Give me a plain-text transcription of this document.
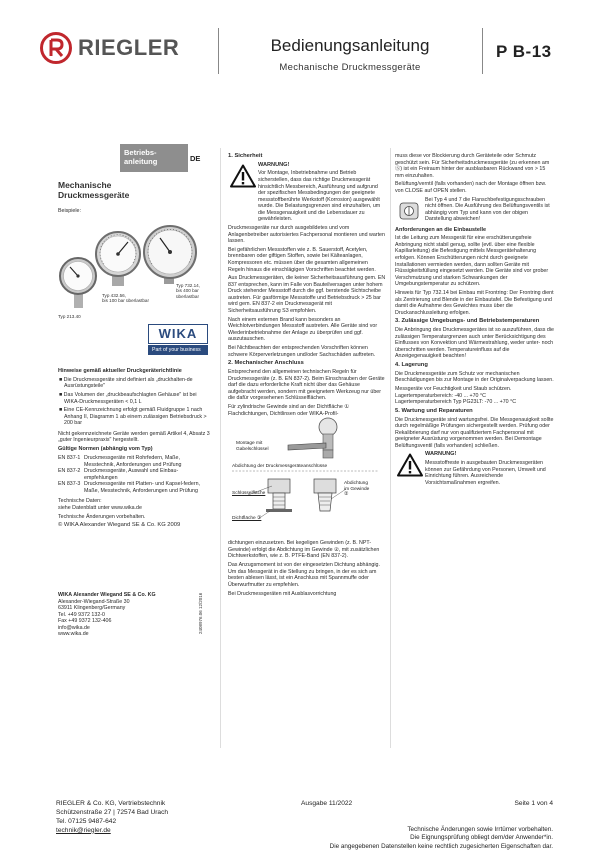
RIEGLER	Bedienungsanleitung
Mechanische Druckmessgeräte
P B-13
Betriebs-
anleitung	DE
Mechanische
Druckmessgeräte
Beispiele:
Typ 732.14,
bis 400 bar überlastbar
Typ 432.56,
bis 100 bar überlastbar
Typ 213.40
WIKA
Part of your business

Hinweise gemäß aktueller Druckgeräterichtlinie

■ Die Druckmessgeräte sind definiert als „druckhalten-de Ausrüstungsteile"

■ Das Volumen der „druckbeaufschlagten Gehäuse" ist bei WIKA-Druckmessgeräten < 0,1 L

■ Eine CE-Kennzeichnung erfolgt gemäß Fluidgruppe 1 nach Anhang II, Diagramm 1 ab einem zulässigen Betriebsdruck > 200 bar

Nicht gekennzeichnete Geräte werden gemäß Artikel 4, Absatz 3 „guter Ingenieurpraxis" hergestellt.

Gültige Normen (abhängig vom Typ)

EN 837-1 Druckmessgeräte mit Rohrfedern, Maße, Messtechnik, Anforderungen und Prüfung
EN 837-2 Druckmessgeräte, Auswahl und Einbau-empfehlungen
EN 837-3 Druckmessgeräte mit Platten- und Kapsel-federn, Maße, Messtechnik, Anforderungen und Prüfung

Technische Daten:
siehe Datenblatt unter www.wika.de

Technische Änderungen vorbehalten.

© WIKA Alexander Wiegand SE & Co. KG 2009

WIKA Alexander Wiegand SE & Co. KG

Alexander-Wiegand-Straße 30

63911 Klingenberg/Germany

Tel. +49 9372 132-0

Fax +49 9372 132-406

info@wika.de

www.wika.de

2408976.06 12/2016

1. Sicherheit

WARNUNG!

Vor Montage, Inbetriebnahme und Betrieb sicherstellen, dass das richtige Druckmessgerät hinsichtlich Messbereich, Ausführung und aufgrund der spezifischen Messbedingungen der geeignete messstoffberührte Werkstoff (Korrosion) ausgewählt wurde. Die Belastungsgrenzen sind einzuhalten, um die Messgenauigkeit und die Lebensdauer zu gewährleisten.

Druckmessgeräte nur durch ausgebildetes und vom Anlagenbetreiber autorisiertes Fachpersonal montieren und warten lassen.

Bei gefährlichen Messstoffen wie z. B. Sauerstoff, Acetylen, brennbaren oder giftigen Stoffen, sowie bei Kälteanlagen, Kompressoren etc. müssen über die gesamten allgemeinen Regeln hinaus die einschlägigen Vorschriften beachtet werden.

Aus Druckmessgeräten, die keiner Sicherheitsausführung gem. EN 837 entsprechen, kann im Falle von Bauteilversagen unter hohem Druck stehender Messstoff durch die ggf. berstende Sichtscheibe austreten. Für gasförmige Messstoffe und Betriebsdruck > 25 bar wird gem. EN 837-2 ein Druckmessgerät mit Sicherheitsausführung S3 empfohlen.

Nach einem externen Brand kann besonders an Weichlotverbindungen Messstoff austreten. Alle Geräte sind vor Wiederinbetriebnahme der Anlage zu überprüfen und ggf. auszutauschen.

Bei Nichtbeachten der entsprechenden Vorschriften können schwere Körperverletzungen und/oder Sachschäden auftreten.

2. Mechanischer Anschluss

Entsprechend den allgemeinen technischen Regeln für Druckmessgeräte (z. B. EN 837-2). Beim Einschrauben der Geräte darf die dazu erforderliche Kraft nicht über das Gehäuse aufgebracht werden, sondern mit geeignetem Werkzeug nur über die dafür vorgesehenen Schlüsselflächen.

Für zylindrische Gewinde sind an der Dichtfläche ① Flachdichtungen, Dichtlinsen oder WIKA-Profil-

Montage mit
Gabelschlüssel
Abdichtung der Druckmessgeräteanschlüsse
Schlüsselfläche
Dichtfläche ①
Abdichtung
im Gewinde
②

dichtungen einzusetzen. Bei kegeligen Gewinden (z. B. NPT-Gewinde) erfolgt die Abdichtung im Gewinde ②, mit zusätzlichen Dichtwerkstoffen, wie z. B. PTFE-Band (EN 837-2).

Das Anzugsmoment ist von der eingesetzten Dichtung abhängig. Um das Messgerät in die Stellung zu bringen, in der es sich am besten ablesen lässt, ist ein Anschluss mit Spannmuffe oder Überwurfmutter zu empfehlen.

Bei Druckmessgeräten mit Ausblasvorrichtung

muss diese vor Blockierung durch Geräteteile oder Schmutz geschützt sein. Für Sicherheitsdruckmessgeräte (zu erkennen am Ⓢ) ist ein Freiraum hinter der ausblasbaren Rückwand von > 15 mm einzuhalten.

Belüftung/verntil (falls vorhanden) nach der Montage öffnen bzw. von CLOSE auf OPEN stellen.

Bei Typ 4 und 7 die Flanschbefestigungsschrauben nicht öffnen. Die Ausführung des Belüftungsventils ist abhängig vom Typ und kann von der obigen Darstellung abweichen!

Anforderungen an die Einbaustelle

Ist die Leitung zum Messgerät für eine erschütterungsfreie Anbringung nicht stabil genug, sollte (evtl. über eine flexible Kapillarleitung) die Befestigung mittels Messgerätehalterung erfolgen. Können Erschütterungen nicht durch geeignete Installationen vermieden werden, dann sollten Geräte mit Flüssigkeitsfüllung eingesetzt werden. Die Geräte sind vor grober Verschmutzung und starken Schwankungen der Umgebungstemperatur zu schützen.

Hinweis für Typ 732.14 bei Einbau mit Frontring: Der Frontring dient als Zentrierung und Blende in der Einbautafel. Die Befestigung und damit die Aufnahme des Gewichtes muss über die Druckanschlussleitung erfolgen.

3. Zulässige Umgebungs- und Betriebstemperaturen

Die Anbringung des Druckmessgerätes ist so auszuführen, dass die zulässigen Temperaturgrenzen auch unter Berücksichtigung des Einflusses von Konvektion und Wärmestrahlung, weder unter- noch überschritten werden. Temperatureinfluss auf die Anzeigegenauigkeit beachten!

4. Lagerung

Die Druckmessgeräte zum Schutz vor mechanischen Beschädigungen bis zur Montage in der Originalverpackung lassen.

Messgeräte vor Feuchtigkeit und Staub schützen.

Lagertemperaturbereich: -40 ... +70 °C

Lagertemperaturbereich Typ PG23LT: -70 ... +70 °C

5. Wartung und Reparaturen

Die Druckmessgeräte sind wartungsfrei. Die Messgenauigkeit sollte durch regelmäßige Prüfungen sichergestellt werden. Prüfung oder Rekalibrierung darf nur von qualifiziertem Fachpersonal mit geeigneter Ausrüstung vorgenommen werden. Bei Demontage Belüftungsventil (falls vorhanden) schließen.

WARNUNG!

Messstoffreste in ausgebauten Druckmessgeräten können zur Gefährdung von Personen, Umwelt und Einrichtung führen. Ausreichende Vorsichtsmaßnahmen ergreifen.

RIEGLER & Co. KG, Vertriebstechnik
Schützenstraße 27 | 72574 Bad Urach
Tel. 07125 9487-642
technik@riegler.de
Ausgabe 11/2022	Seite 1 von 4
Technische Änderungen sowie Irrtümer vorbehalten.
Die Eignungsprüfung obliegt dem/der Anwender*in.
Die angegebenen Datenstellen keine rechtlich zugesicherten Eigenschaften dar.
